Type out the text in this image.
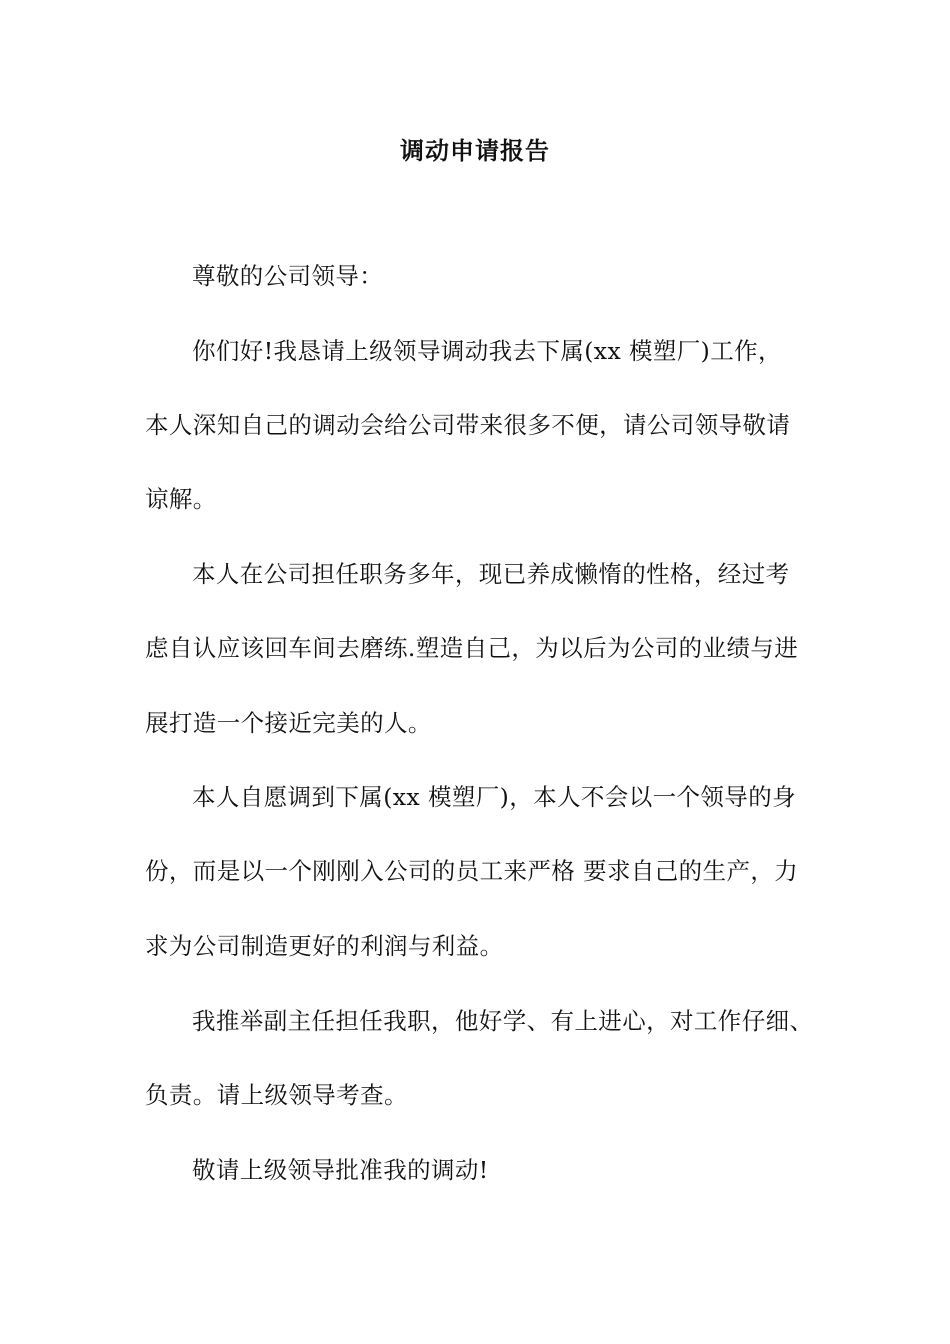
调动申请报告
尊敬的公司领导：
你们好!我恳请上级领导调动我去下属(xx 模塑厂)工作，
本人深知自己的调动会给公司带来很多不便，请公司领导敬请
谅解。
本人在公司担任职务多年，现已养成懒惰的性格，经过考
虑自认应该回车间去磨练.塑造自己，为以后为公司的业绩与进
展打造一个接近完美的人。
本人自愿调到下属(xx 模塑厂)，本人不会以一个领导的身
份，而是以一个刚刚入公司的员工来严格 要求自己的生产，力
求为公司制造更好的利润与利益。
我推举副主任担任我职，他好学、有上进心，对工作仔细、
负责。请上级领导考查。
敬请上级领导批准我的调动!
